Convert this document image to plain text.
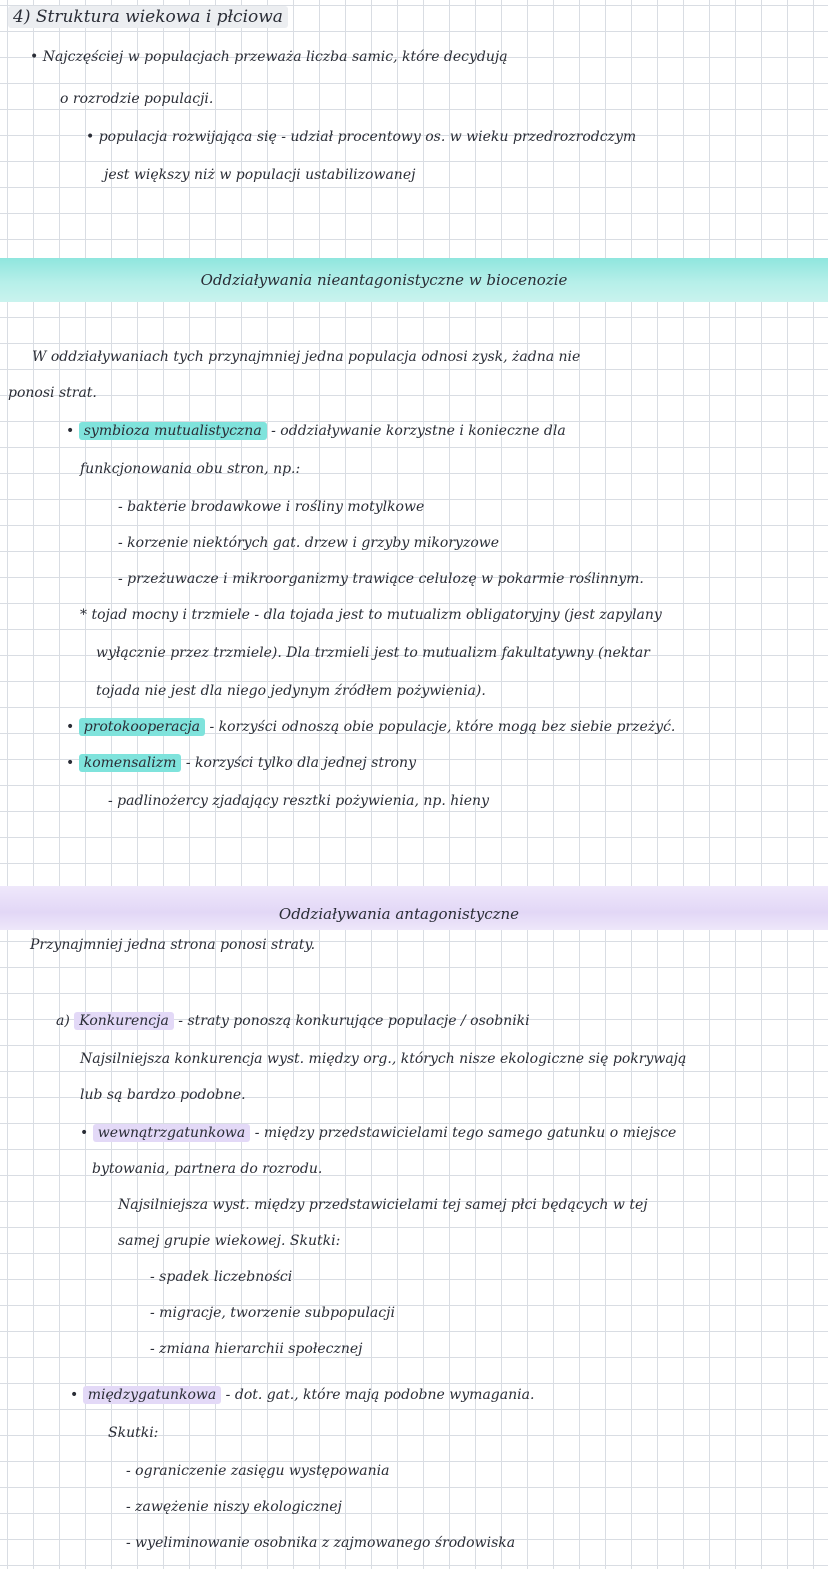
4) Struktura wiekowa i płciowa
• Najczęściej w populacjach przeważa liczba samic, które decydują
o rozrodzie populacji.
• populacja rozwijająca się - udział procentowy os. w wieku przedrozrodczym
jest większy niż w populacji ustabilizowanej
Oddziaływania nieantagonistyczne w biocenozie
W oddziaływaniach tych przynajmniej jedna populacja odnosi zysk, żadna nie
ponosi strat.
• symbioza mutualistyczna - oddziaływanie korzystne i konieczne dla
funkcjonowania obu stron, np.:
- bakterie brodawkowe i rośliny motylkowe
- korzenie niektórych gat. drzew i grzyby mikoryzowe
- przeżuwacze i mikroorganizmy trawiące celulozę w pokarmie roślinnym.
* tojad mocny i trzmiele - dla tojada jest to mutualizm obligatoryjny (jest zapylany
wyłącznie przez trzmiele). Dla trzmieli jest to mutualizm fakultatywny (nektar
tojada nie jest dla niego jedynym źródłem pożywienia).
• protokooperacja - korzyści odnoszą obie populacje, które mogą bez siebie przeżyć.
• komensalizm - korzyści tylko dla jednej strony
- padlinożercy zjadający resztki pożywienia, np. hieny
Oddziaływania antagonistyczne
Przynajmniej jedna strona ponosi straty.
a) Konkurencja - straty ponoszą konkurujące populacje / osobniki
Najsilniejsza konkurencja wyst. między org., których nisze ekologiczne się pokrywają
lub są bardzo podobne.
• wewnątrzgatunkowa - między przedstawicielami tego samego gatunku o miejsce
bytowania, partnera do rozrodu.
Najsilniejsza wyst. między przedstawicielami tej samej płci będących w tej
samej grupie wiekowej. Skutki:
- spadek liczebności
- migracje, tworzenie subpopulacji
- zmiana hierarchii społecznej
• międzygatunkowa - dot. gat., które mają podobne wymagania.
Skutki:
- ograniczenie zasięgu występowania
- zawężenie niszy ekologicznej
- wyeliminowanie osobnika z zajmowanego środowiska
